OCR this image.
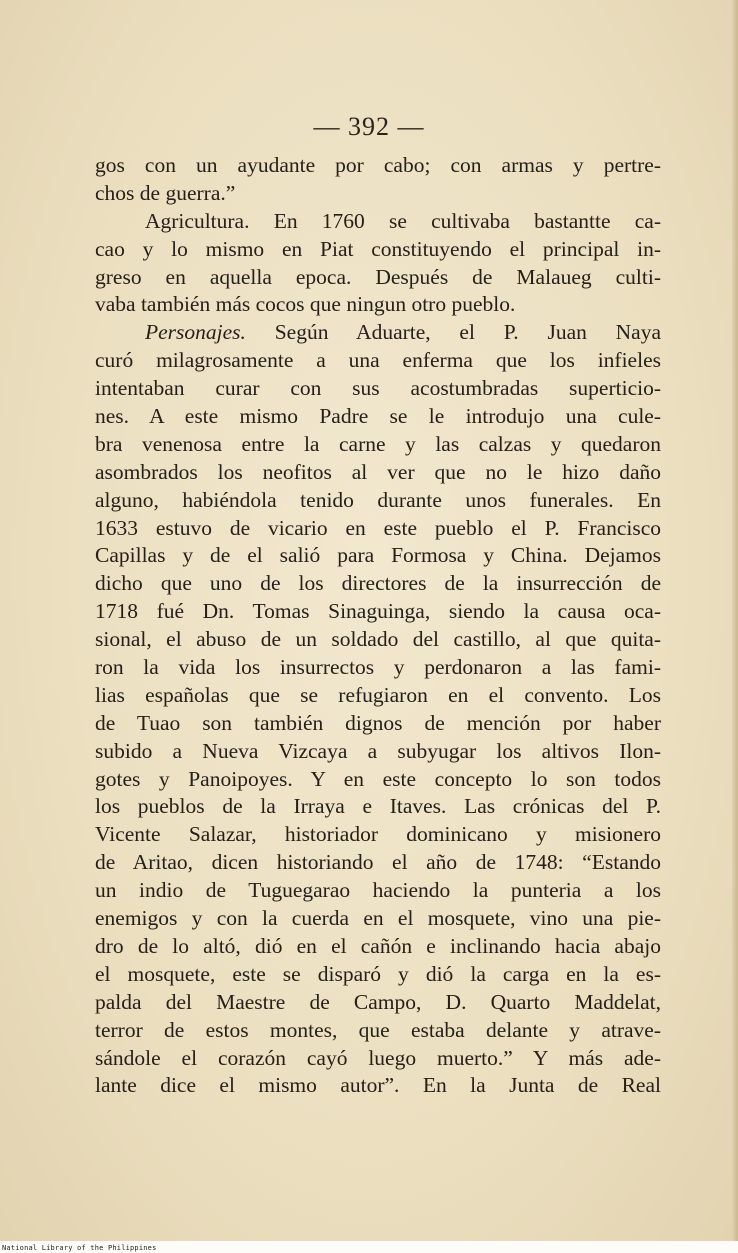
— 392 —
gos con un ayudante por cabo; con armas y pertre-
chos de guerra.”
Agricultura. En 1760 se cultivaba bastantte ca-
cao y lo mismo en Piat constituyendo el principal in-
greso en aquella epoca. Después de Malaueg culti-
vaba también más cocos que ningun otro pueblo.
Personajes. Según Aduarte, el P. Juan Naya
curó milagrosamente a una enferma que los infieles
intentaban curar con sus acostumbradas superticio-
nes. A este mismo Padre se le introdujo una cule-
bra venenosa entre la carne y las calzas y quedaron
asombrados los neofitos al ver que no le hizo daño
alguno, habiéndola tenido durante unos funerales. En
1633 estuvo de vicario en este pueblo el P. Francisco
Capillas y de el salió para Formosa y China. Dejamos
dicho que uno de los directores de la insurrección de
1718 fué Dn. Tomas Sinaguinga, siendo la causa oca-
sional, el abuso de un soldado del castillo, al que quita-
ron la vida los insurrectos y perdonaron a las fami-
lias españolas que se refugiaron en el convento. Los
de Tuao son también dignos de mención por haber
subido a Nueva Vizcaya a subyugar los altivos Ilon-
gotes y Panoipoyes. Y en este concepto lo son todos
los pueblos de la Irraya e Itaves. Las crónicas del P.
Vicente Salazar, historiador dominicano y misionero
de Aritao, dicen historiando el año de 1748: “Estando
un indio de Tuguegarao haciendo la punteria a los
enemigos y con la cuerda en el mosquete, vino una pie-
dro de lo altó, dió en el cañón e inclinando hacia abajo
el mosquete, este se disparó y dió la carga en la es-
palda del Maestre de Campo, D. Quarto Maddelat,
terror de estos montes, que estaba delante y atrave-
sándole el corazón cayó luego muerto.” Y más ade-
lante dice el mismo autor”. En la Junta de Real
National Library of the Philippines
